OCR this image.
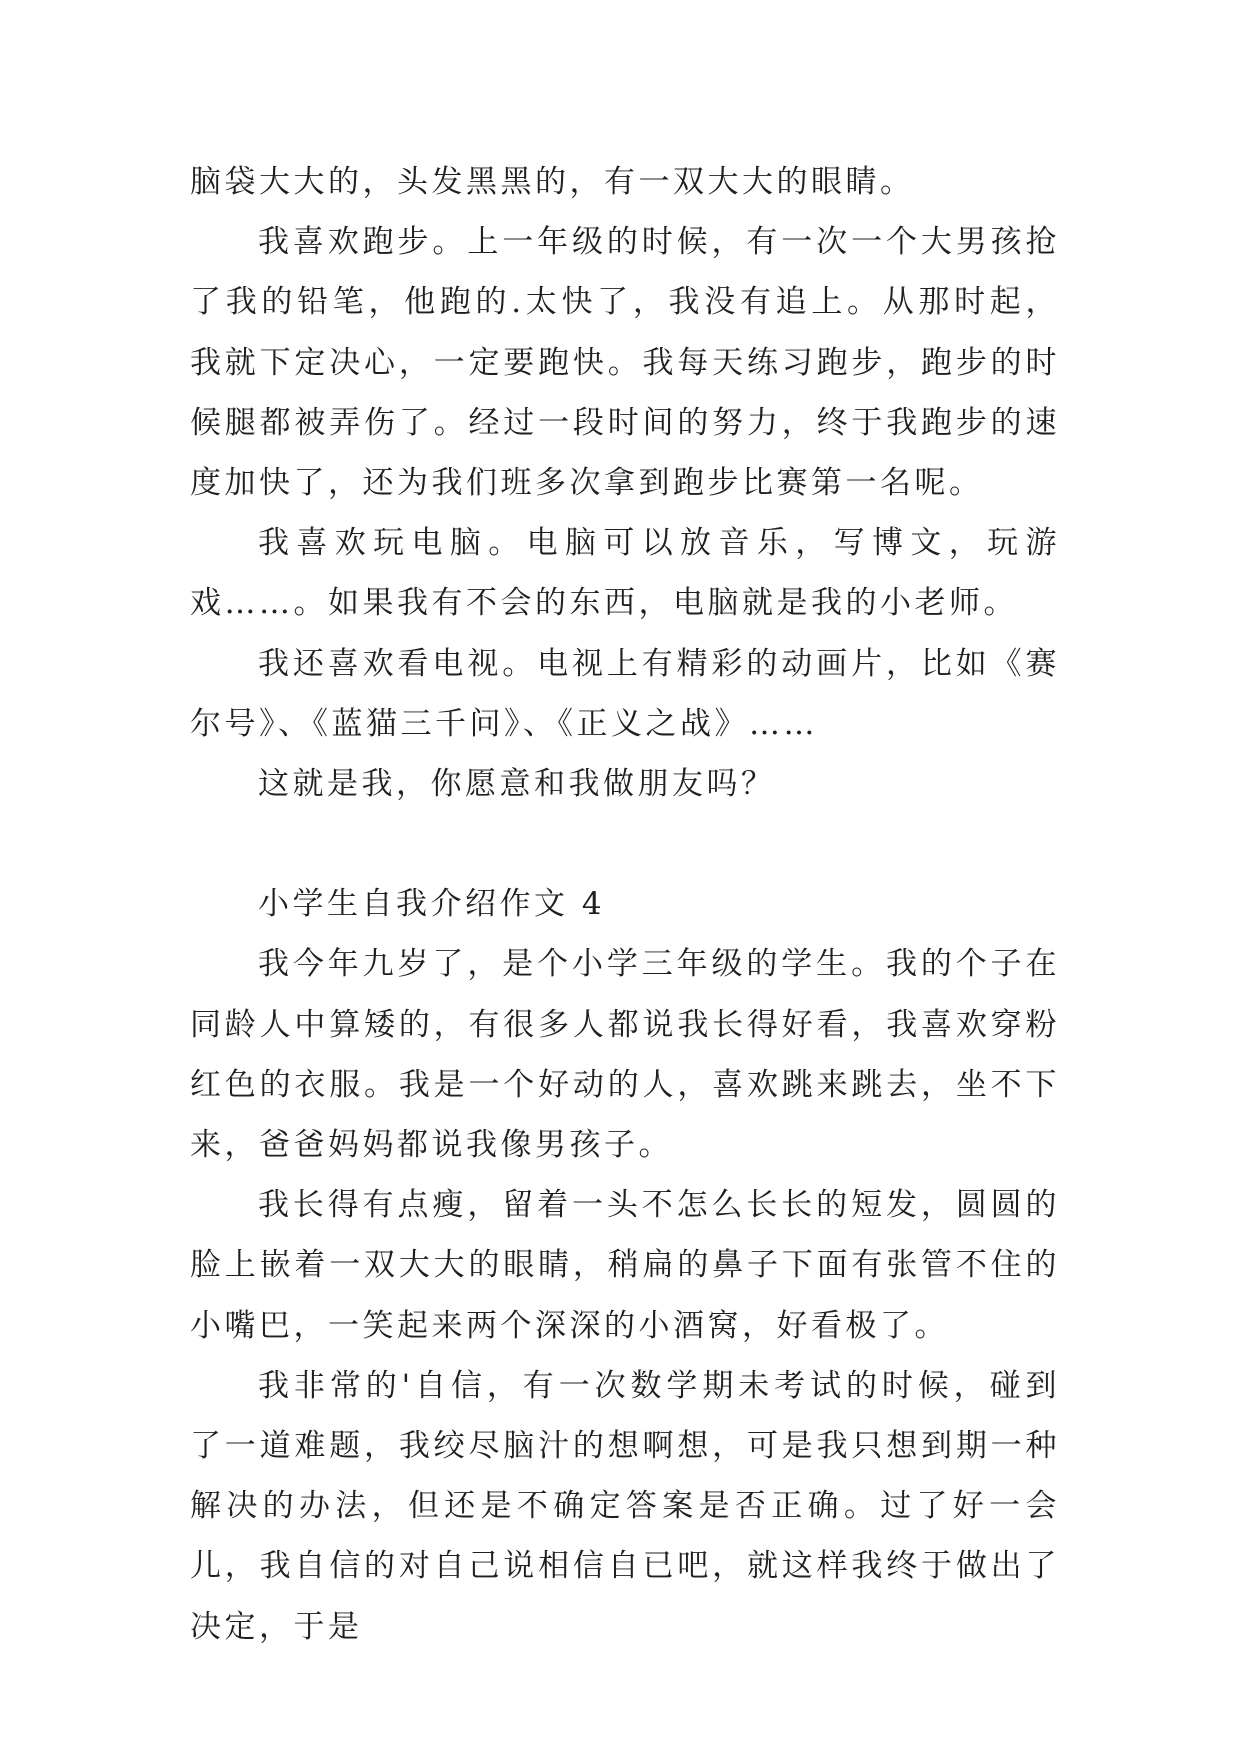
脑袋大大的，头发黑黑的，有一双大大的眼睛。

我喜欢跑步。上一年级的时候，有一次一个大男孩抢了我的铅笔，他跑的.太快了，我没有追上。从那时起，我就下定决心，一定要跑快。我每天练习跑步，跑步的时候腿都被弄伤了。经过一段时间的努力，终于我跑步的速度加快了，还为我们班多次拿到跑步比赛第一名呢。

我喜欢玩电脑。电脑可以放音乐，写博文，玩游戏……。如果我有不会的东西，电脑就是我的小老师。

我还喜欢看电视。电视上有精彩的动画片，比如《赛尔号》、《蓝猫三千问》、《正义之战》……

这就是我，你愿意和我做朋友吗？

小学生自我介绍作文 4

我今年九岁了，是个小学三年级的学生。我的个子在同龄人中算矮的，有很多人都说我长得好看，我喜欢穿粉红色的衣服。我是一个好动的人，喜欢跳来跳去，坐不下来，爸爸妈妈都说我像男孩子。

我长得有点瘦，留着一头不怎么长长的短发，圆圆的脸上嵌着一双大大的眼睛，稍扁的鼻子下面有张管不住的小嘴巴，一笑起来两个深深的小酒窝，好看极了。

我非常的'自信，有一次数学期未考试的时候，碰到了一道难题，我绞尽脑汁的想啊想，可是我只想到期一种解决的办法，但还是不确定答案是否正确。过了好一会儿，我自信的对自己说相信自已吧，就这样我终于做出了决定，于是
